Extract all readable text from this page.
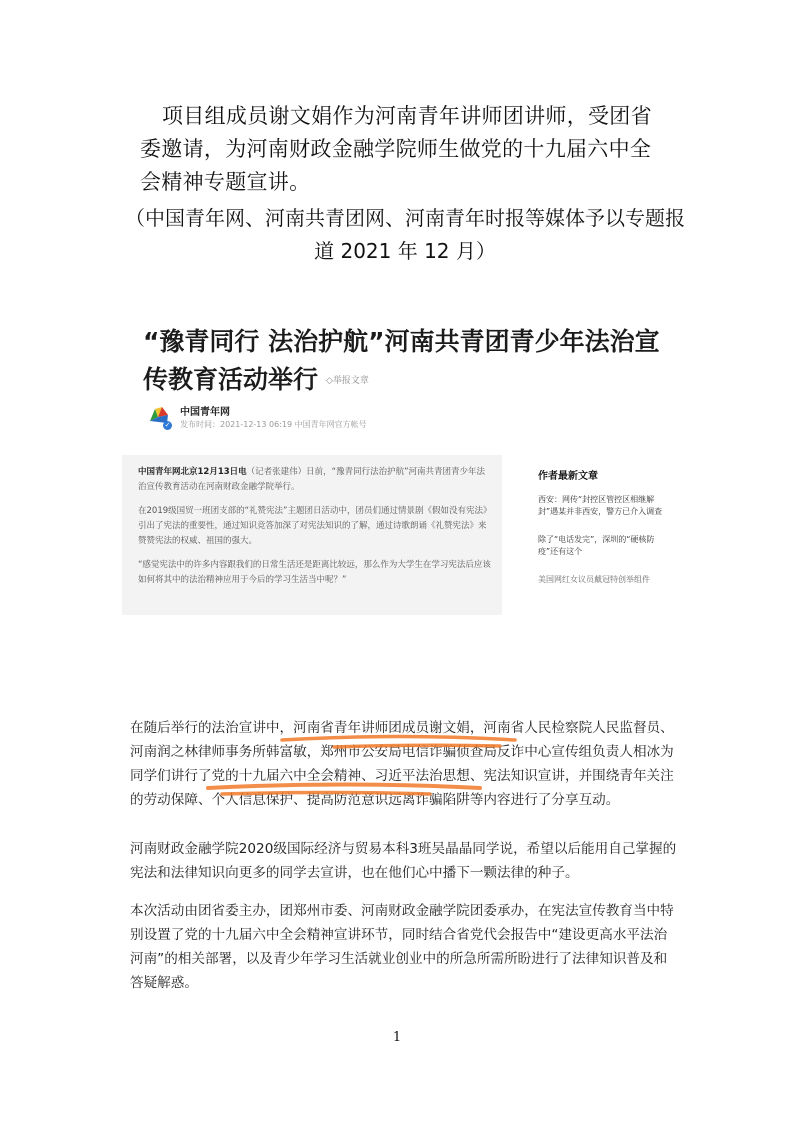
项目组成员谢文娟作为河南青年讲师团讲师，受团省委邀请，为河南财政金融学院师生做党的十九届六中全会精神专题宣讲。
（中国青年网、河南共青团网、河南青年时报等媒体予以专题报道 2021 年 12 月）
“豫青同行 法治护航”河南共青团青少年法治宣传教育活动举行 ◇举报文章
✓
中国青年网
发布时间：2021-12-13 06:19 中国青年网官方帐号

中国青年网北京12月13日电（记者张建伟）日前，“豫青同行法治护航”河南共青团青少年法治宣传教育活动在河南财政金融学院举行。

在2019级国贸一班团支部的“礼赞宪法”主题团日活动中，团员们通过情景剧《假如没有宪法》引出了宪法的重要性，通过知识竞答加深了对宪法知识的了解，通过诗歌朗诵《礼赞宪法》来赞赞宪法的权威、祖国的强大。

“感觉宪法中的许多内容跟我们的日常生活还是距离比较远，那么作为大学生在学习宪法后应该如何将其中的法治精神应用于今后的学习生活当中呢？”

作者最新文章
西安：网传“封控区管控区相继解封”遇某并非西安，警方已介入调查
除了“电话发完”，深圳的“硬核防疫”还有这个
美国网红女议员戴冠特创举组件

在随后举行的法治宣讲中，河南省青年讲师团成员谢文娟，河南省人民检察院人民监督员、河南润之林律师事务所韩富敏，郑州市公安局电信诈骗侦查局反诈中心宣传组负责人相冰为同学们讲行了党的十九届六中全会精神、习近平法治思想、宪法知识宣讲，并围绕青年关注的劳动保障、个人信息保护、提高防范意识远离诈骗陷阱等内容进行了分享互动。

河南财政金融学院2020级国际经济与贸易本科3班吴晶晶同学说，希望以后能用自己掌握的宪法和法律知识向更多的同学去宣讲，也在他们心中播下一颗法律的种子。

本次活动由团省委主办，团郑州市委、河南财政金融学院团委承办，在宪法宣传教育当中特别设置了党的十九届六中全会精神宣讲环节，同时结合省党代会报告中“建设更高水平法治河南”的相关部署，以及青少年学习生活就业创业中的所急所需所盼进行了法律知识普及和答疑解惑。

1
